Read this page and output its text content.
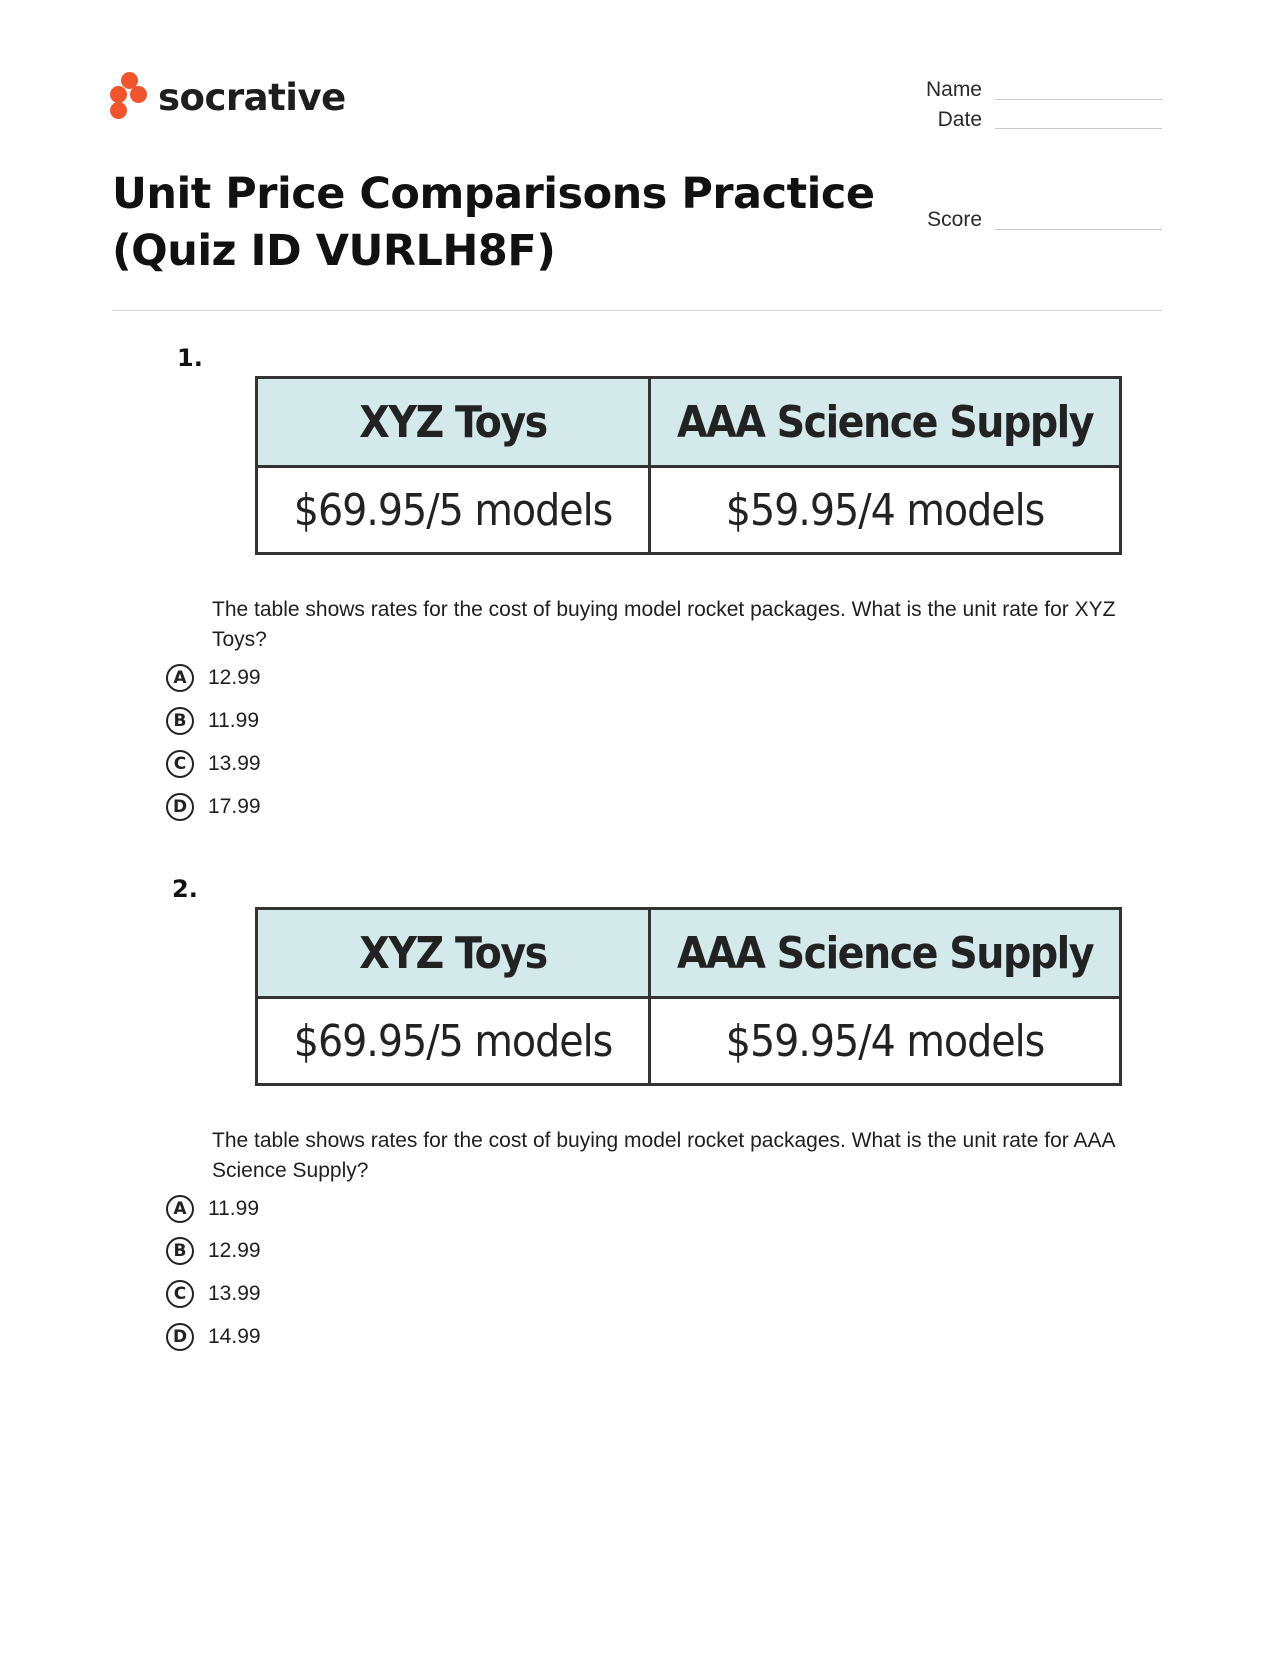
socrative	Name
Date
Score
Unit Price Comparisons Practice
(Quiz ID VURLH8F)
1.
XYZ Toys	AAA Science Supply
$69.95/5 models	$59.95/4 models
The table shows rates for the cost of buying model rocket packages. What is the unit rate for XYZ Toys?
A	12.99
B	11.99
C	13.99
D 17.99
2.
XYZ Toys	AAA Science Supply
$69.95/5 models	$59.95/4 models
The table shows rates for the cost of buying model rocket packages. What is the unit rate for AAA Science Supply?
A	11.99
B	12.99
C	13.99
D 14.99
